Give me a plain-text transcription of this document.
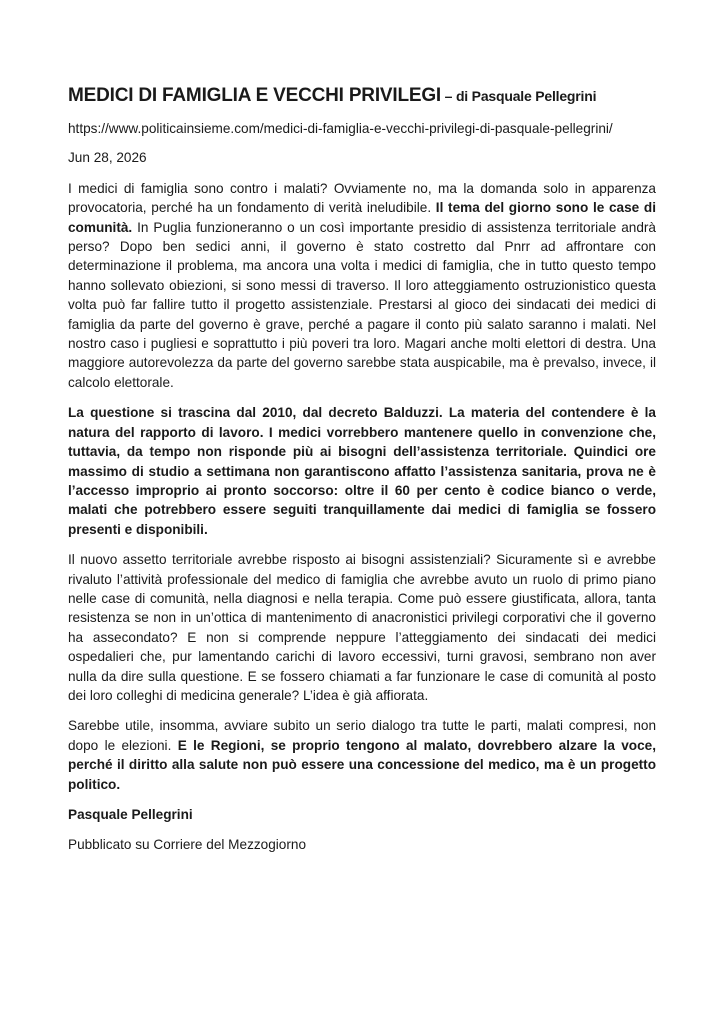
MEDICI DI FAMIGLIA E VECCHI PRIVILEGI – di Pasquale Pellegrini

https://www.politicainsieme.com/medici-di-famiglia-e-vecchi-privilegi-di-pasquale-pellegrini/

Jun 28, 2026

I medici di famiglia sono contro i malati? Ovviamente no, ma la domanda solo in apparenza provocatoria, perché ha un fondamento di verità ineludibile. Il tema del giorno sono le case di comunità. In Puglia funzioneranno o un così importante presidio di assistenza territoriale andrà perso? Dopo ben sedici anni, il governo è stato costretto dal Pnrr ad affrontare con determinazione il problema, ma ancora una volta i medici di famiglia, che in tutto questo tempo hanno sollevato obiezioni, si sono messi di traverso. Il loro atteggiamento ostruzionistico questa volta può far fallire tutto il progetto assistenziale. Prestarsi al gioco dei sindacati dei medici di famiglia da parte del governo è grave, perché a pagare il conto più salato saranno i malati. Nel nostro caso i pugliesi e soprattutto i più poveri tra loro. Magari anche molti elettori di destra. Una maggiore autorevolezza da parte del governo sarebbe stata auspicabile, ma è prevalso, invece, il calcolo elettorale.

La questione si trascina dal 2010, dal decreto Balduzzi. La materia del contendere è la natura del rapporto di lavoro. I medici vorrebbero mantenere quello in convenzione che, tuttavia, da tempo non risponde più ai bisogni dell’assistenza territoriale. Quindici ore massimo di studio a settimana non garantiscono affatto l’assistenza sanitaria, prova ne è l’accesso improprio ai pronto soccorso: oltre il 60 per cento è codice bianco o verde, malati che potrebbero essere seguiti tranquillamente dai medici di famiglia se fossero presenti e disponibili.

Il nuovo assetto territoriale avrebbe risposto ai bisogni assistenziali? Sicuramente sì e avrebbe rivaluto l’attività professionale del medico di famiglia che avrebbe avuto un ruolo di primo piano nelle case di comunità, nella diagnosi e nella terapia. Come può essere giustificata, allora, tanta resistenza se non in un’ottica di mantenimento di anacronistici privilegi corporativi che il governo ha assecondato? E non si comprende neppure l’atteggiamento dei sindacati dei medici ospedalieri che, pur lamentando carichi di lavoro eccessivi, turni gravosi, sembrano non aver nulla da dire sulla questione. E se fossero chiamati a far funzionare le case di comunità al posto dei loro colleghi di medicina generale? L’idea è già affiorata.

Sarebbe utile, insomma, avviare subito un serio dialogo tra tutte le parti, malati compresi, non dopo le elezioni. E le Regioni, se proprio tengono al malato, dovrebbero alzare la voce, perché il diritto alla salute non può essere una concessione del medico, ma è un progetto politico.

Pasquale Pellegrini

Pubblicato su Corriere del Mezzogiorno
